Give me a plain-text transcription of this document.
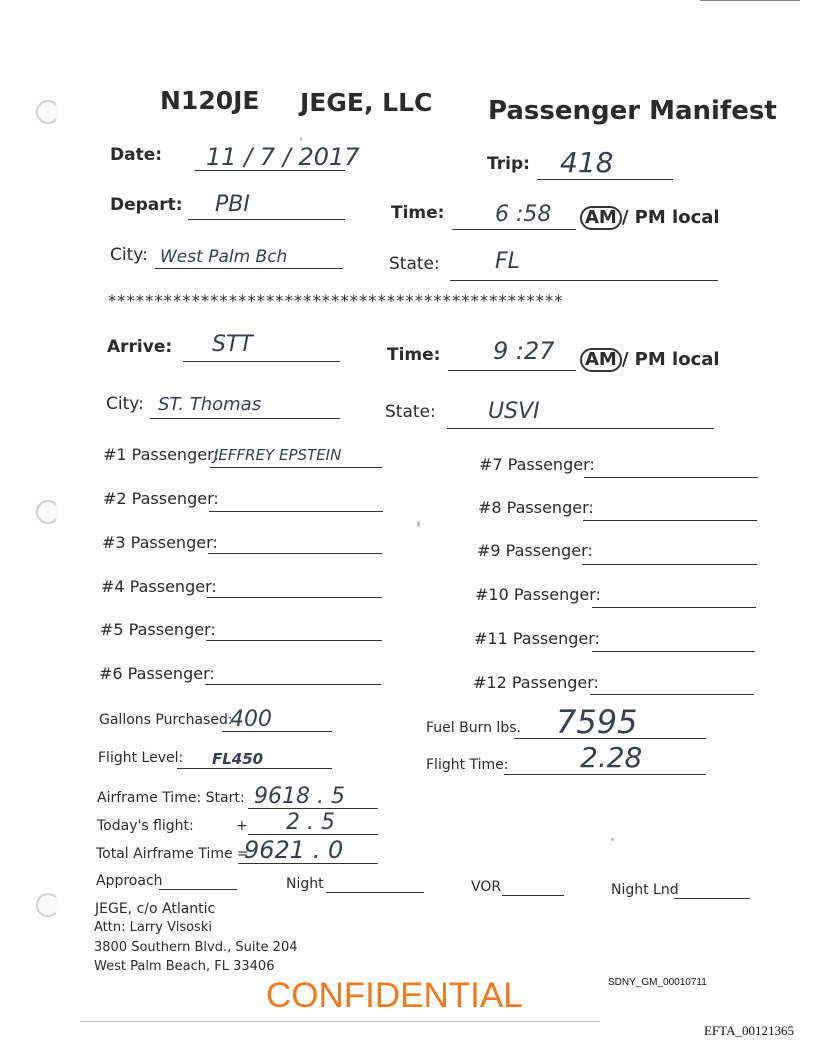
N120JE JEGE, LLC Passenger Manifest
Date: 11 / 7 / 2017	Trip: 418
Depart: PBI	Time: 6 :58 AM / PM local
City: West Palm Bch	State:	FL
*************************************************
Arrive: STT	Time: 9 :27 AM / PM local
City: ST. Thomas	State: USVI
#1 Passenger:
JEFFREY EPSTEIN
#2 Passenger:
#3 Passenger:
#4 Passenger:
#5 Passenger:
#6 Passenger:
#7 Passenger:
#8 Passenger:
#9 Passenger:
#10 Passenger:
#11 Passenger:
#12 Passenger:
Gallons Purchased:
400	Fuel Burn lbs. 7595
Flight Level: FL450	Flight Time:	2.28
Airframe Time: Start: 9618 . 5
Today's flight:	+ 2 . 5
Total Airframe Time =
9621 . 0
Approach	Night	VOR	Night Lnd
JEGE, c/o Atlantic
Attn: Larry Visoski
3800 Southern Blvd., Suite 204
West Palm Beach, FL 33406
SDNY_GM_00010711
CONFIDENTIAL
EFTA_00121365
